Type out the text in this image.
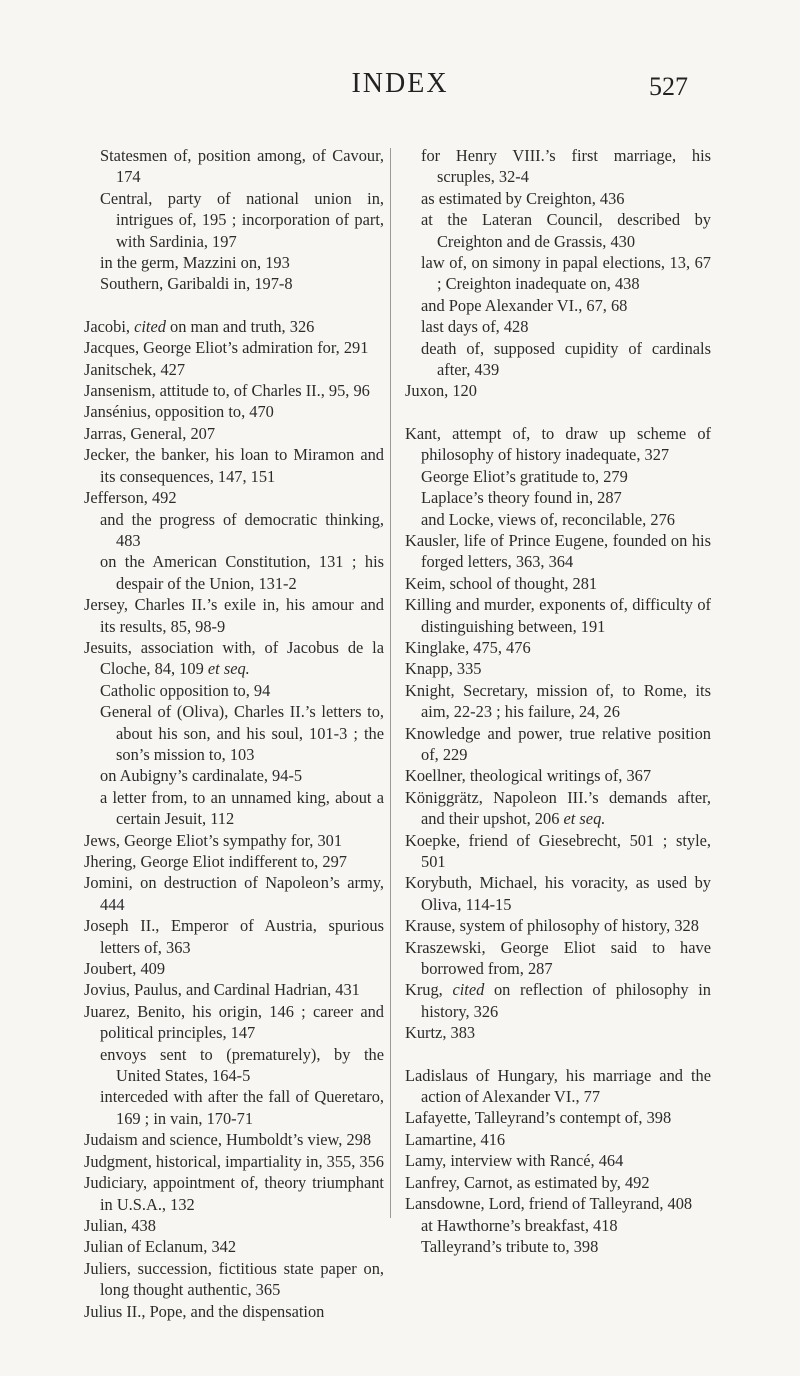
INDEX	527

Statesmen of, position among, of Cavour, 174

Central, party of national union in, intrigues of, 195 ; incorporation of part, with Sardinia, 197

in the germ, Mazzini on, 193

Southern, Garibaldi in, 197-8

Jacobi, cited on man and truth, 326

Jacques, George Eliot’s admiration for, 291

Janitschek, 427

Jansenism, attitude to, of Charles II., 95, 96

Jansénius, opposition to, 470

Jarras, General, 207

Jecker, the banker, his loan to Miramon and its consequences, 147, 151

Jefferson, 492

and the progress of democratic thinking, 483

on the American Constitution, 131 ; his despair of the Union, 131-2

Jersey, Charles II.’s exile in, his amour and its results, 85, 98-9

Jesuits, association with, of Jacobus de la Cloche, 84, 109 et seq.

Catholic opposition to, 94

General of (Oliva), Charles II.’s letters to, about his son, and his soul, 101-3 ; the son’s mission to, 103

on Aubigny’s cardinalate, 94-5

a letter from, to an unnamed king, about a certain Jesuit, 112

Jews, George Eliot’s sympathy for, 301

Jhering, George Eliot indifferent to, 297

Jomini, on destruction of Napoleon’s army, 444

Joseph II., Emperor of Austria, spurious letters of, 363

Joubert, 409

Jovius, Paulus, and Cardinal Hadrian, 431

Juarez, Benito, his origin, 146 ; career and political principles, 147

envoys sent to (prematurely), by the United States, 164-5

interceded with after the fall of Queretaro, 169 ; in vain, 170-71

Judaism and science, Humboldt’s view, 298

Judgment, historical, impartiality in, 355, 356

Judiciary, appointment of, theory triumphant in U.S.A., 132

Julian, 438

Julian of Eclanum, 342

Juliers, succession, fictitious state paper on, long thought authentic, 365

Julius II., Pope, and the dispensation

for Henry VIII.’s first marriage, his scruples, 32-4

as estimated by Creighton, 436

at the Lateran Council, described by Creighton and de Grassis, 430

law of, on simony in papal elections, 13, 67 ; Creighton inadequate on, 438

and Pope Alexander VI., 67, 68

last days of, 428

death of, supposed cupidity of cardinals after, 439

Juxon, 120

Kant, attempt of, to draw up scheme of philosophy of history inadequate, 327

George Eliot’s gratitude to, 279

Laplace’s theory found in, 287

and Locke, views of, reconcilable, 276

Kausler, life of Prince Eugene, founded on his forged letters, 363, 364

Keim, school of thought, 281

Killing and murder, exponents of, difficulty of distinguishing between, 191

Kinglake, 475, 476

Knapp, 335

Knight, Secretary, mission of, to Rome, its aim, 22-23 ; his failure, 24, 26

Knowledge and power, true relative position of, 229

Koellner, theological writings of, 367

Königgrätz, Napoleon III.’s demands after, and their upshot, 206 et seq.

Koepke, friend of Giesebrecht, 501 ; style, 501

Korybuth, Michael, his voracity, as used by Oliva, 114-15

Krause, system of philosophy of history, 328

Kraszewski, George Eliot said to have borrowed from, 287

Krug, cited on reflection of philosophy in history, 326

Kurtz, 383

Ladislaus of Hungary, his marriage and the action of Alexander VI., 77

Lafayette, Talleyrand’s contempt of, 398

Lamartine, 416

Lamy, interview with Rancé, 464

Lanfrey, Carnot, as estimated by, 492

Lansdowne, Lord, friend of Talleyrand, 408

at Hawthorne’s breakfast, 418

Talleyrand’s tribute to, 398
